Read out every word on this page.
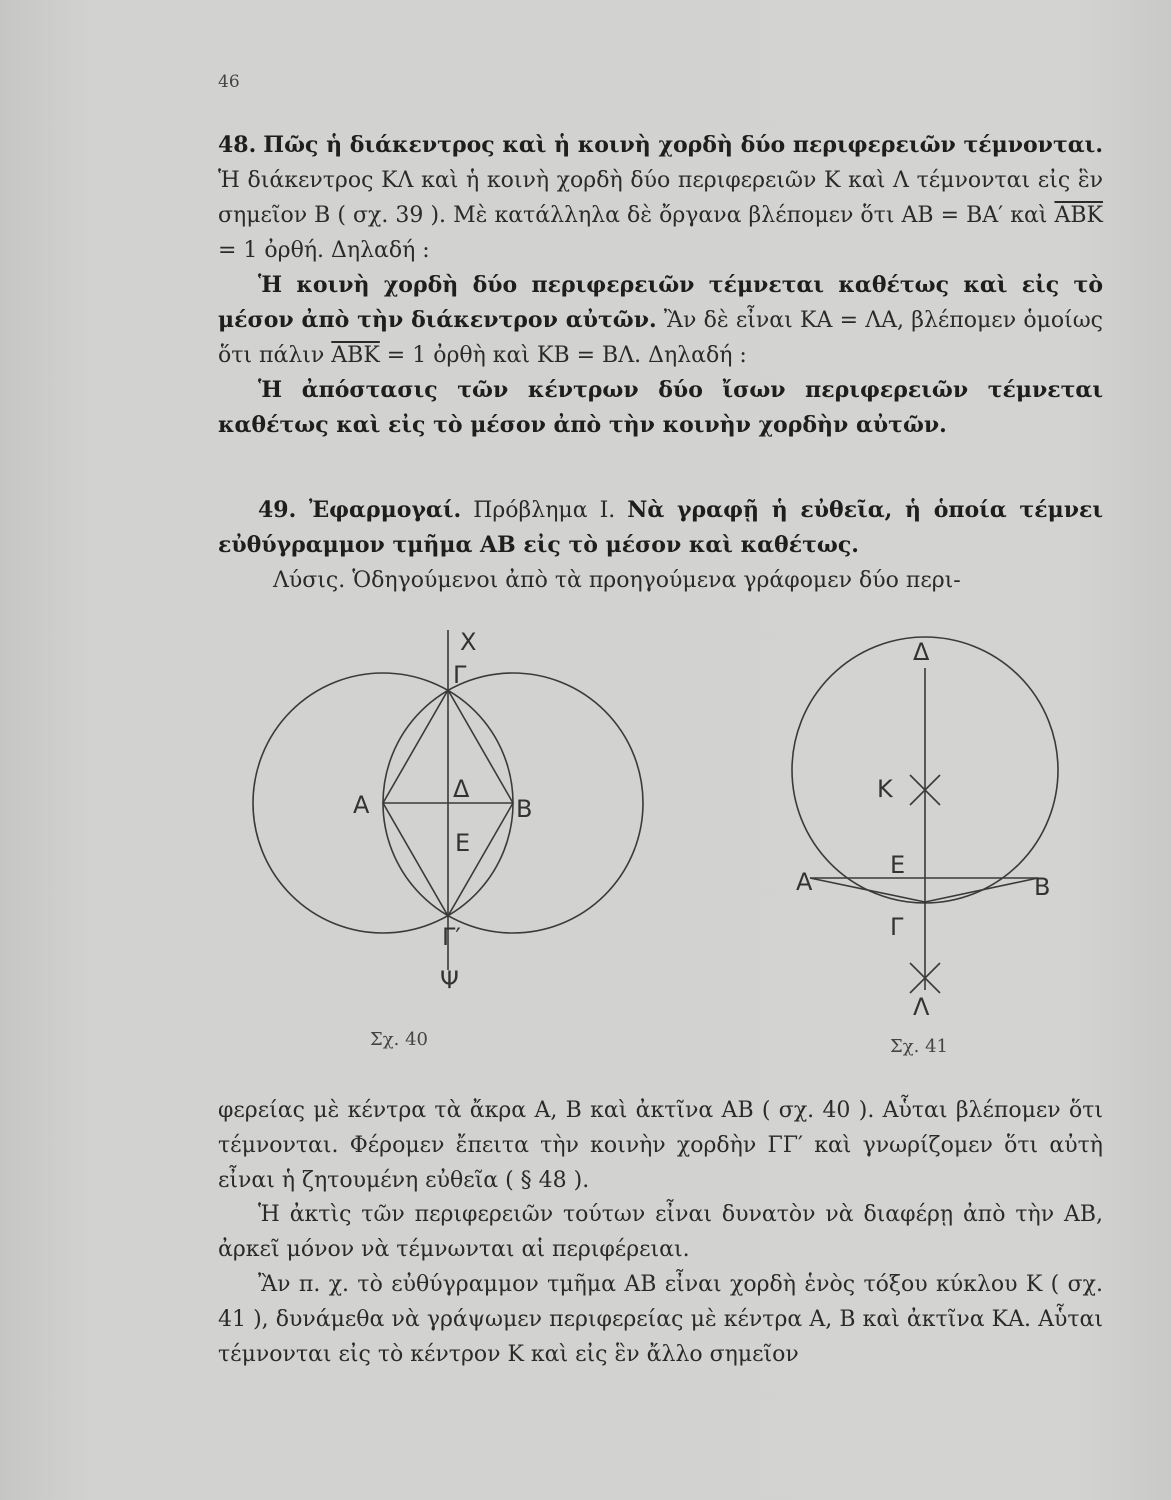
46
48. Πῶς ἡ διάκεντρος καὶ ἡ κοινὴ χορδὴ δύο περιφερειῶν τέμνονται. Ἡ διάκεντρος ΚΛ καὶ ἡ κοινὴ χορδὴ δύο περιφερειῶν Κ καὶ Λ τέμνονται εἰς ἓν σημεῖον Β ( σχ. 39 ). Μὲ κατάλληλα δὲ ὄργανα βλέπομεν ὅτι ΑΒ = ΒΑ′ καὶ $\overline{ABK} = 1$ ὀρθή. Δηλαδή :
Ἡ κοινὴ χορδὴ δύο περιφερειῶν τέμνεται καθέτως καὶ εἰς τὸ μέσον ἀπὸ τὴν διάκεντρον αὐτῶν. Ἂν δὲ εἶναι ΚΑ = ΛΑ, βλέπομεν ὁμοίως ὅτι πάλιν $\overline{ABK} = 1$ ὀρθὴ καὶ ΚΒ = ΒΛ. Δηλαδή :
Ἡ ἀπόστασις τῶν κέντρων δύο ἴσων περιφερειῶν τέμνεται καθέτως καὶ εἰς τὸ μέσον ἀπὸ τὴν κοινὴν χορδὴν αὐτῶν.
49. Ἐφαρμογαί. Πρόβλημα Ι. Νὰ γραφῇ ἡ εὐθεῖα, ἡ ὁποία τέμνει εὐθύγραμμον τμῆμα ΑΒ εἰς τὸ μέσον καὶ καθέτως.
Λύσις. Ὁδηγούμενοι ἀπὸ τὰ προηγούμενα γράφομεν δύο περι-
X
Γ
Α
Δ
Β
Ε
Γ′
Ψ
Σχ. 40
Δ
Κ
Ε
Α	Β
Γ
Λ
Σχ. 41
φερείας μὲ κέντρα τὰ ἄκρα Α, Β καὶ ἀκτῖνα ΑΒ ( σχ. 40 ). Αὗται βλέπομεν ὅτι τέμνονται. Φέρομεν ἔπειτα τὴν κοινὴν χορδὴν ΓΓ′ καὶ γνωρίζομεν ὅτι αὐτὴ εἶναι ἡ ζητουμένη εὐθεῖα ( § 48 ).
Ἡ ἀκτὶς τῶν περιφερειῶν τούτων εἶναι δυνατὸν νὰ διαφέρῃ ἀπὸ τὴν ΑΒ, ἀρκεῖ μόνον νὰ τέμνωνται αἱ περιφέρειαι.
Ἂν π. χ. τὸ εὐθύγραμμον τμῆμα ΑΒ εἶναι χορδὴ ἑνὸς τόξου κύκλου Κ ( σχ. 41 ), δυνάμεθα νὰ γράψωμεν περιφερείας μὲ κέντρα Α, Β καὶ ἀκτῖνα ΚΑ. Αὗται τέμνονται εἰς τὸ κέντρον Κ καὶ εἰς ἓν ἄλλο σημεῖον
